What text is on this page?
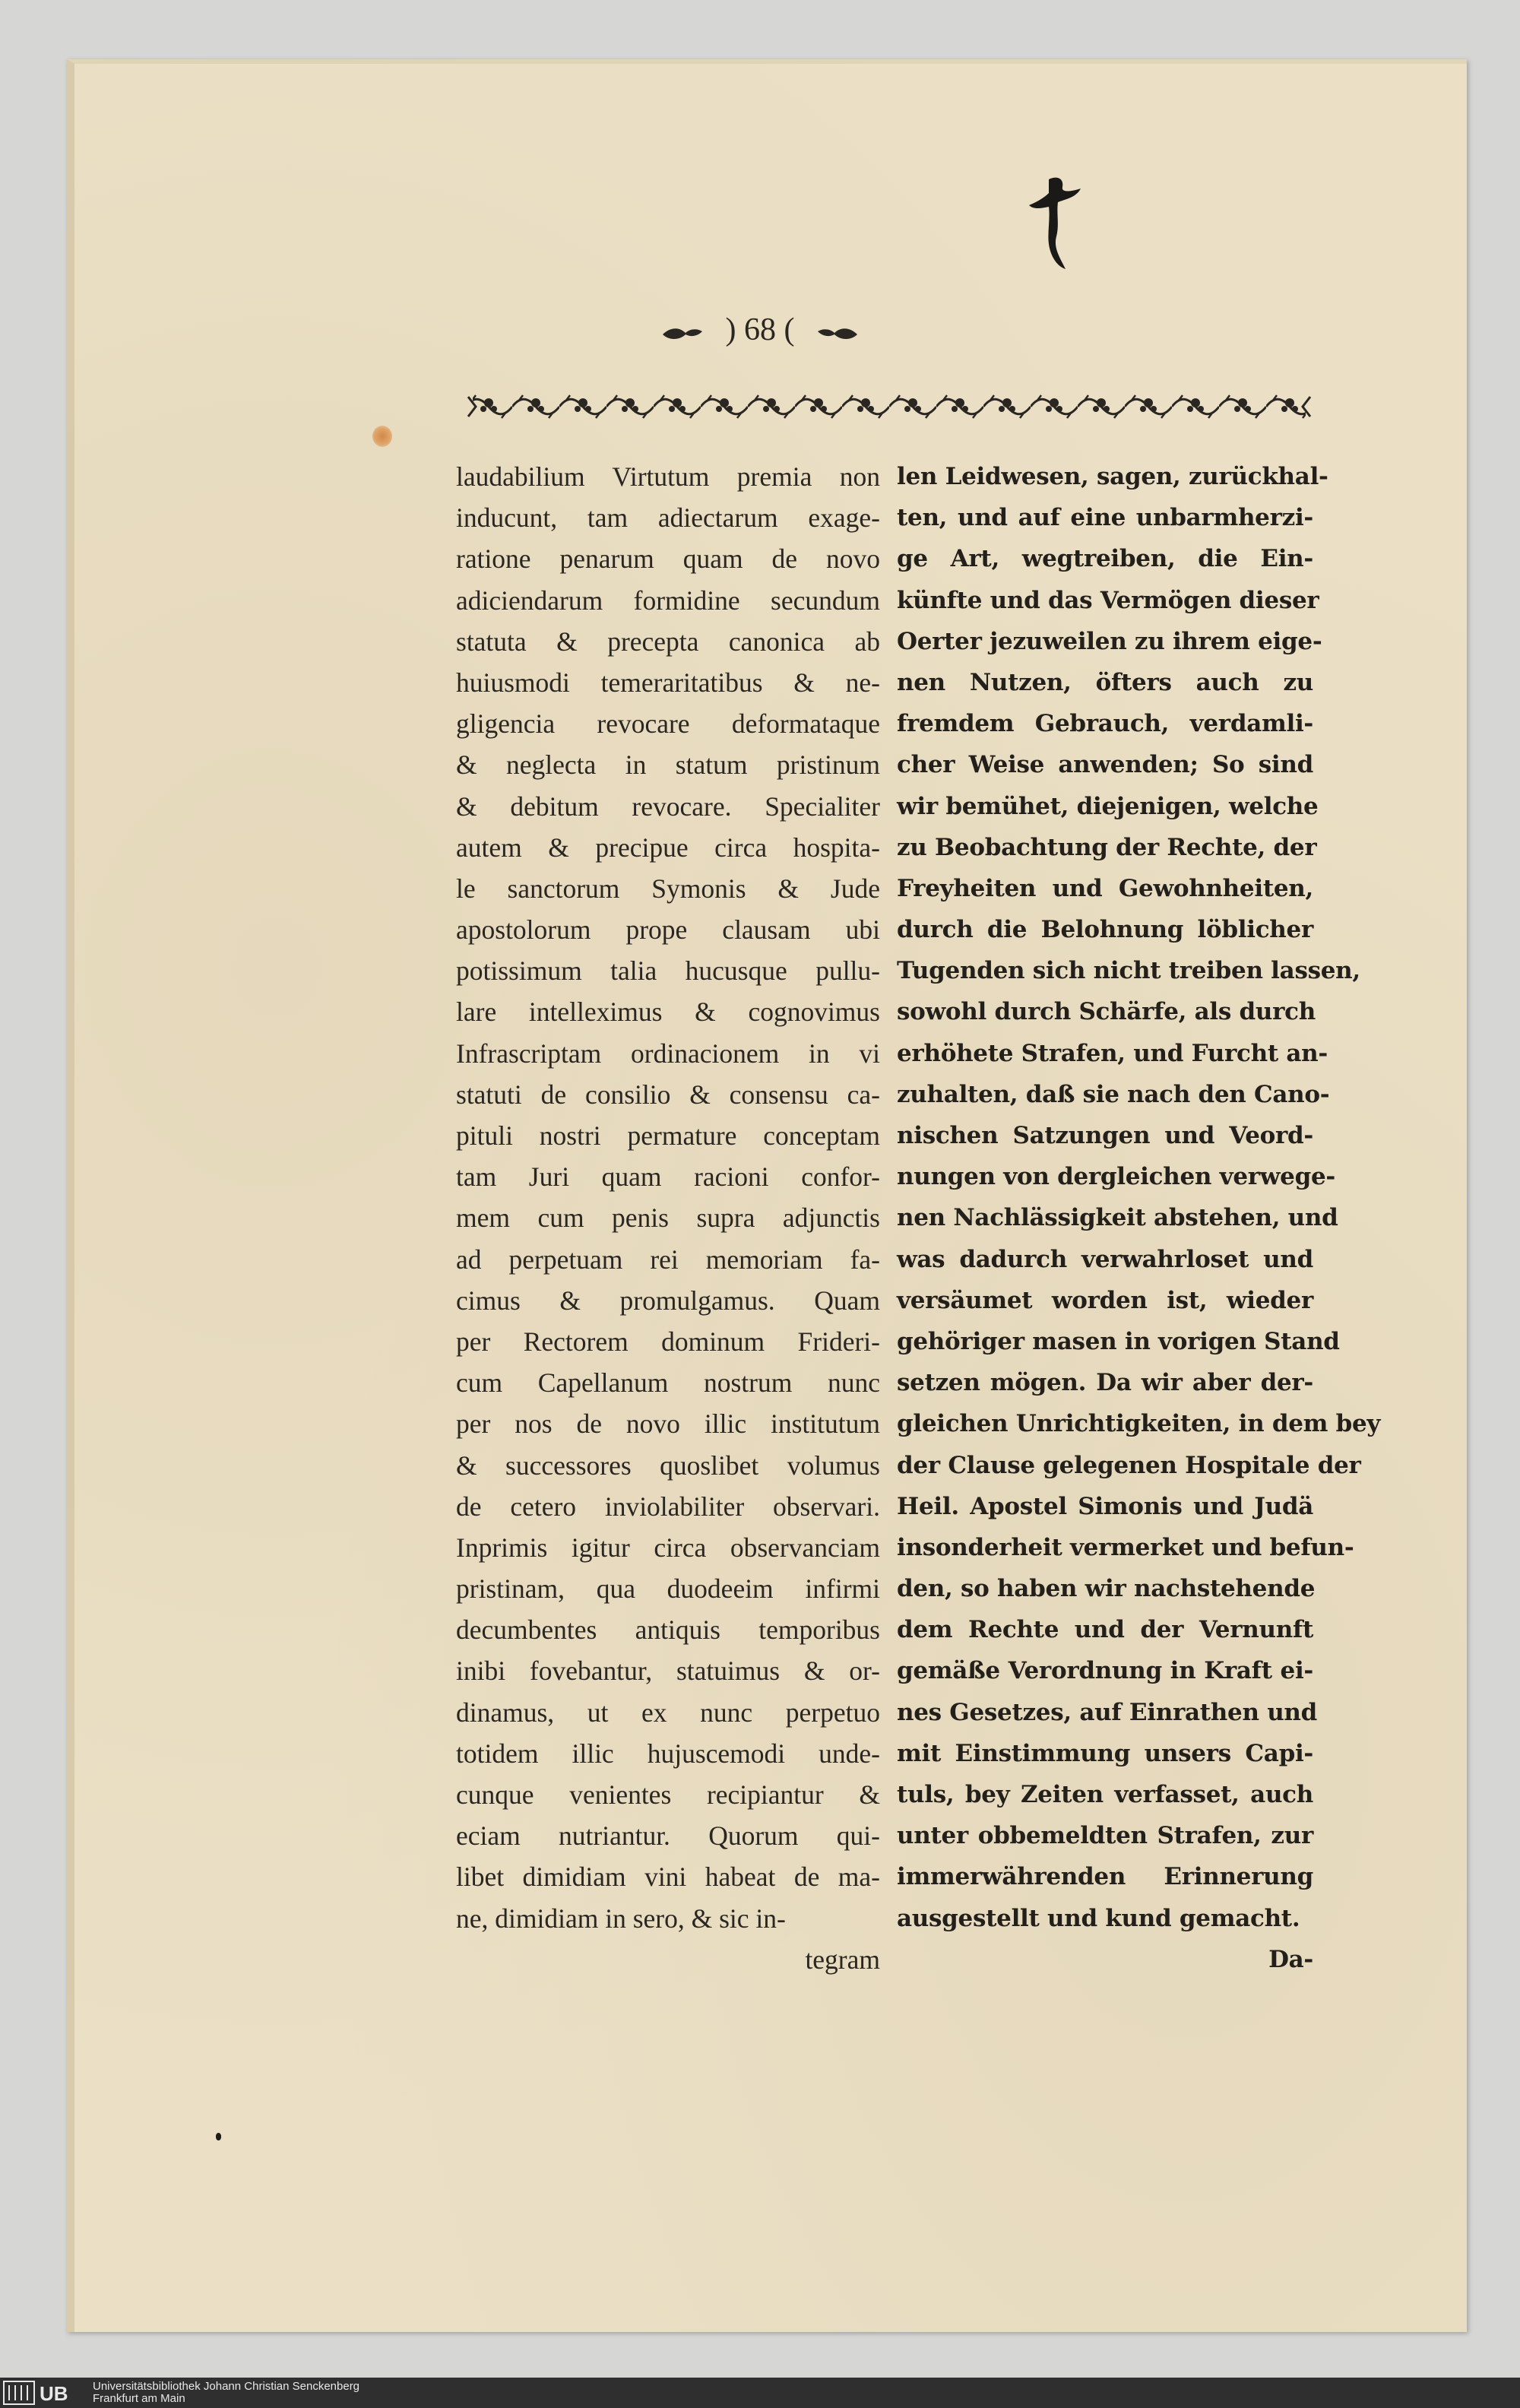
) 68 (
laudabilium Virtutum premia non
inducunt, tam adiectarum exage-
ratione penarum quam de novo
adiciendarum formidine secundum
statuta & precepta canonica ab
huiusmodi temeraritatibus & ne-
gligencia revocare deformataque
& neglecta in statum pristinum
& debitum revocare. Specialiter
autem & precipue circa hospita-
le sanctorum Symonis & Jude
apostolorum prope clausam ubi
potissimum talia hucusque pullu-
lare intelleximus & cognovimus
Infrascriptam ordinacionem in vi
statuti de consilio & consensu ca-
pituli nostri permature conceptam
tam Juri quam racioni confor-
mem cum penis supra adjunctis
ad perpetuam rei memoriam fa-
cimus & promulgamus. Quam
per Rectorem dominum Frideri-
cum Capellanum nostrum nunc
per nos de novo illic institutum
& successores quoslibet volumus
de cetero inviolabiliter observari.
Inprimis igitur circa observanciam
pristinam, qua duodeeim infirmi
decumbentes antiquis temporibus
inibi fovebantur, statuimus & or-
dinamus, ut ex nunc perpetuo
totidem illic hujuscemodi unde-
cunque venientes recipiantur &
eciam nutriantur. Quorum qui-
libet dimidiam vini habeat de ma-
ne, dimidiam in sero, & sic in-
tegram
len Leidwesen, sagen, zurückhal-
ten, und auf eine unbarmherzi-
ge Art, wegtreiben, die Ein-
künfte und das Vermögen dieser
Oerter jezuweilen zu ihrem eige-
nen Nutzen, öfters auch zu
fremdem Gebrauch, verdamli-
cher Weise anwenden; So sind
wir bemühet, diejenigen, welche
zu Beobachtung der Rechte, der
Freyheiten und Gewohnheiten,
durch die Belohnung löblicher
Tugenden sich nicht treiben lassen,
sowohl durch Schärfe, als durch
erhöhete Strafen, und Furcht an-
zuhalten, daß sie nach den Cano-
nischen Satzungen und Veord-
nungen von dergleichen verwege-
nen Nachlässigkeit abstehen, und
was dadurch verwahrloset und
versäumet worden ist, wieder
gehöriger masen in vorigen Stand
setzen mögen. Da wir aber der-
gleichen Unrichtigkeiten, in dem bey
der Clause gelegenen Hospitale der
Heil. Apostel Simonis und Judä
insonderheit vermerket und befun-
den, so haben wir nachstehende
dem Rechte und der Vernunft
gemäße Verordnung in Kraft ei-
nes Gesetzes, auf Einrathen und
mit Einstimmung unsers Capi-
tuls, bey Zeiten verfasset, auch
unter obbemeldten Strafen, zur
immerwährenden Erinnerung
ausgestellt und kund gemacht.
Da-
UB Universitätsbibliothek Johann Christian Senckenberg
Frankfurt am Main
